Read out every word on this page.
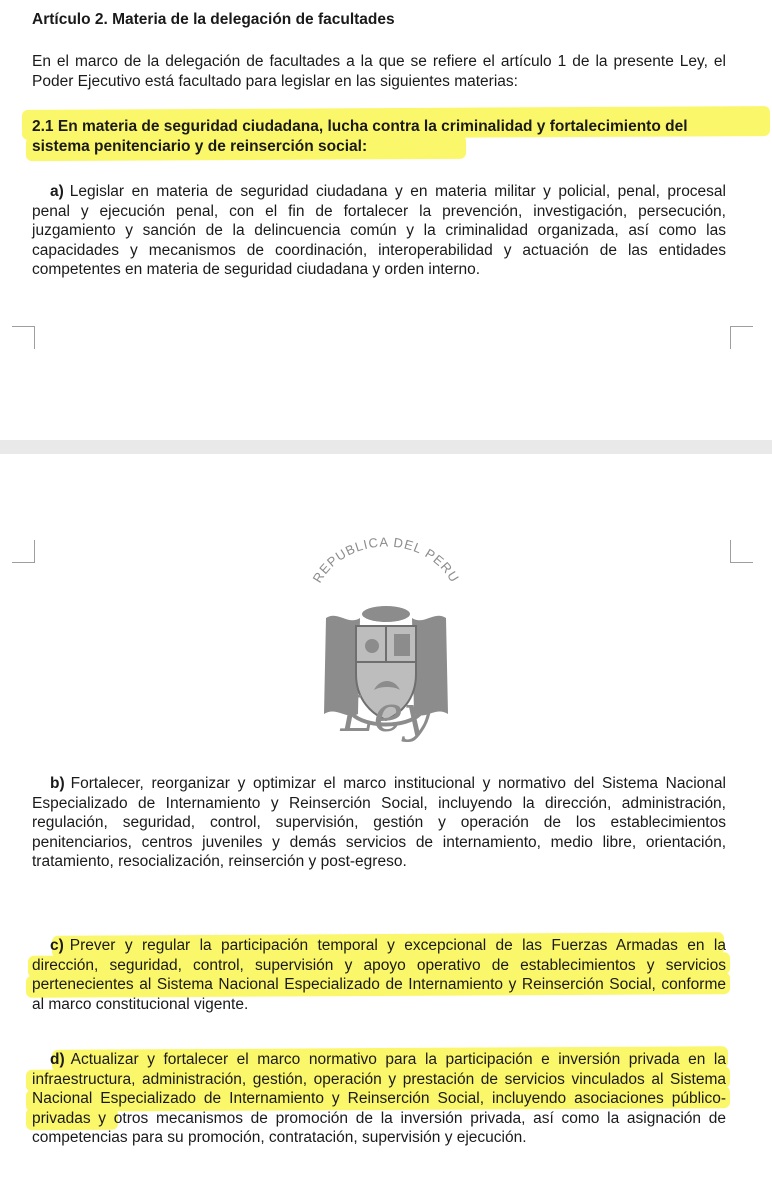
Artículo 2. Materia de la delegación de facultades
En el marco de la delegación de facultades a la que se refiere el artículo 1 de la presente Ley, el Poder Ejecutivo está facultado para legislar en las siguientes materias:
2.1 En materia de seguridad ciudadana, lucha contra la criminalidad y fortalecimiento del sistema penitenciario y de reinserción social:
a) Legislar en materia de seguridad ciudadana y en materia militar y policial, penal, procesal penal y ejecución penal, con el fin de fortalecer la prevención, investigación, persecución, juzgamiento y sanción de la delincuencia común y la criminalidad organizada, así como las capacidades y mecanismos de coordinación, interoperabilidad y actuación de las entidades competentes en materia de seguridad ciudadana y orden interno.
REPUBLICA DEL PERU
Ley
b) Fortalecer, reorganizar y optimizar el marco institucional y normativo del Sistema Nacional Especializado de Internamiento y Reinserción Social, incluyendo la dirección, administración, regulación, seguridad, control, supervisión, gestión y operación de los establecimientos penitenciarios, centros juveniles y demás servicios de internamiento, medio libre, orientación, tratamiento, resocialización, reinserción y post-egreso.
c) Prever y regular la participación temporal y excepcional de las Fuerzas Armadas en la dirección, seguridad, control, supervisión y apoyo operativo de establecimientos y servicios pertenecientes al Sistema Nacional Especializado de Internamiento y Reinserción Social, conforme al marco constitucional vigente.
d) Actualizar y fortalecer el marco normativo para la participación e inversión privada en la infraestructura, administración, gestión, operación y prestación de servicios vinculados al Sistema Nacional Especializado de Internamiento y Reinserción Social, incluyendo asociaciones público-privadas y otros mecanismos de promoción de la inversión privada, así como la asignación de competencias para su promoción, contratación, supervisión y ejecución.
